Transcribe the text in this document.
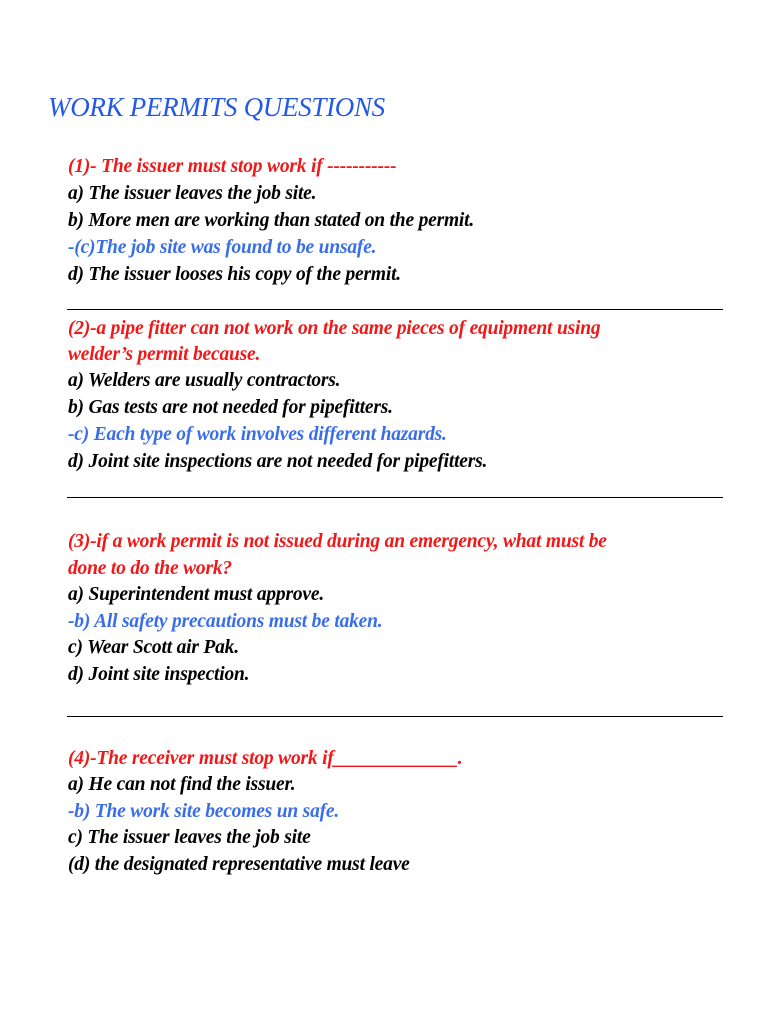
WORK PERMITS QUESTIONS
(1)- The issuer must stop work if -----------
a) The issuer leaves the job site.
b) More men are working than stated on the permit.
-(c)The job site was found to be unsafe.
d) The issuer looses his copy of the permit.
(2)-a pipe fitter can not work on the same pieces of equipment using
welder’s permit because.
a) Welders are usually contractors.
b) Gas tests are not needed for pipefitters.
-c) Each type of work involves different hazards.
d) Joint site inspections are not needed for pipefitters.
(3)-if a work permit is not issued during an emergency, what must be
done to do the work?
a) Superintendent must approve.
-b) All safety precautions must be taken.
c) Wear Scott air Pak.
d) Joint site inspection.
(4)-The receiver must stop work if_____________.
a) He can not find the issuer.
-b) The work site becomes un safe.
c) The issuer leaves the job site
(d) the designated representative must leave
